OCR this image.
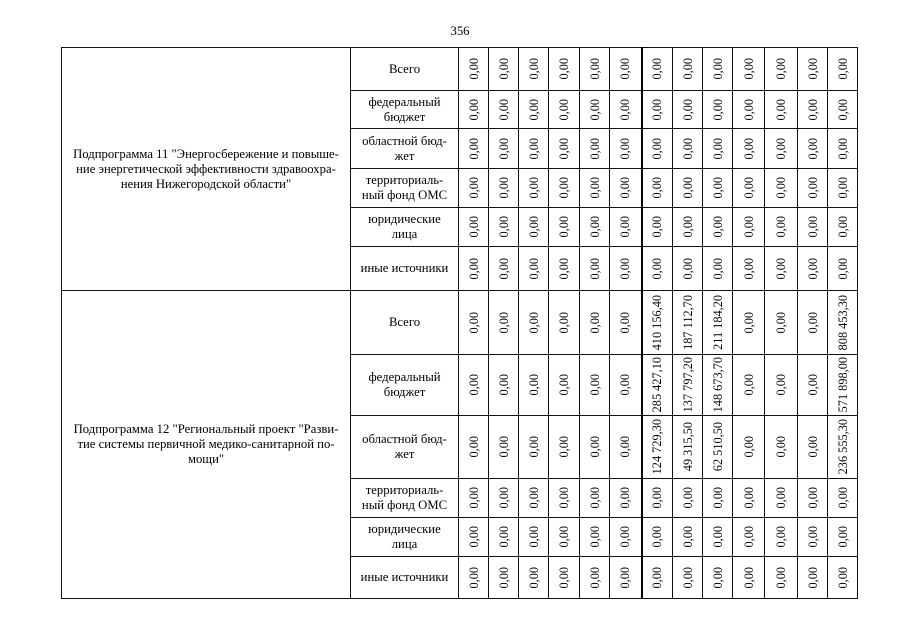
356
Подпрограмма 11 "Энергосбережение и повыше-
ние энергетической эффективности здравоохра-
нения Нижегородской области"	Всего	0,00	0,00	0,00	0,00	0,00	0,00	0,00	0,00	0,00	0,00	0,00	0,00	0,00
	федеральный
бюджет	0,00	0,00	0,00	0,00	0,00	0,00	0,00	0,00	0,00	0,00	0,00	0,00	0,00
	областной бюд-
жет	0,00	0,00	0,00	0,00	0,00	0,00	0,00	0,00	0,00	0,00	0,00	0,00	0,00
	территориаль-
ный фонд ОМС	0,00	0,00	0,00	0,00	0,00	0,00	0,00	0,00	0,00	0,00	0,00	0,00	0,00
	юридические
лица	0,00	0,00	0,00	0,00	0,00	0,00	0,00	0,00	0,00	0,00	0,00	0,00	0,00
	иные источники	0,00	0,00	0,00	0,00	0,00	0,00	0,00	0,00	0,00	0,00	0,00	0,00	0,00
Подпрограмма 12 "Региональный проект "Разви-
тие системы первичной медико-санитарной по-
мощи"	Всего	0,00	0,00	0,00	0,00	0,00	0,00	410 156,40	187 112,70	211 184,20	0,00	0,00	0,00	808 453,30
	федеральный
бюджет	0,00	0,00	0,00	0,00	0,00	0,00	285 427,10	137 797,20	148 673,70	0,00	0,00	0,00	571 898,00
	областной бюд-
жет	0,00	0,00	0,00	0,00	0,00	0,00	124 729,30	49 315,50	62 510,50	0,00	0,00	0,00	236 555,30
	территориаль-
ный фонд ОМС	0,00	0,00	0,00	0,00	0,00	0,00	0,00	0,00	0,00	0,00	0,00	0,00	0,00
	юридические
лица	0,00	0,00	0,00	0,00	0,00	0,00	0,00	0,00	0,00	0,00	0,00	0,00	0,00
	иные источники	0,00	0,00	0,00	0,00	0,00	0,00	0,00	0,00	0,00	0,00	0,00	0,00	0,00
